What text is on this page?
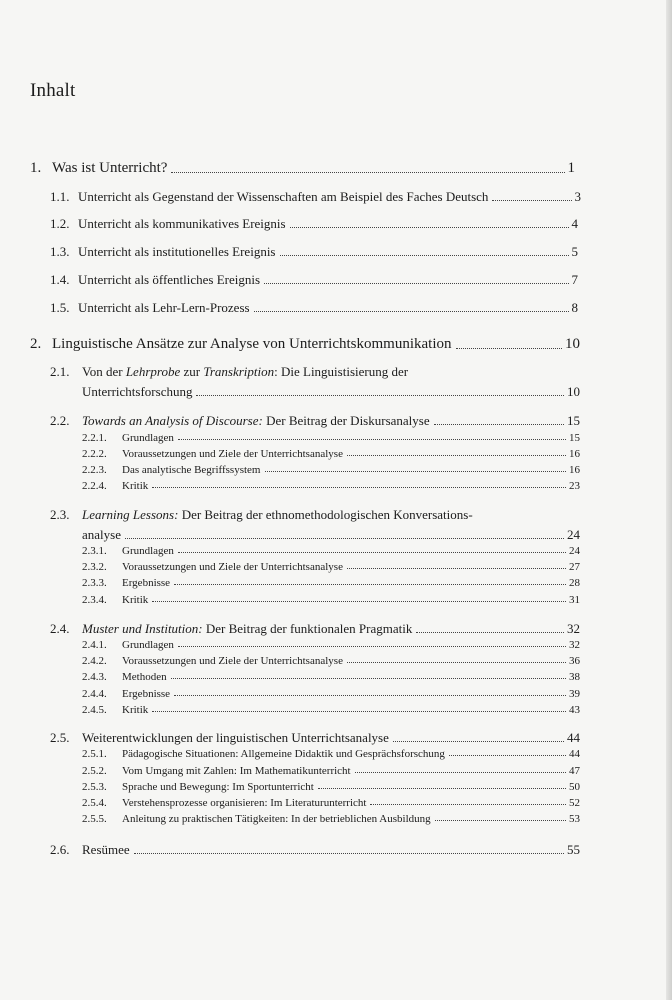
Inhalt
1. Was ist Unterricht?	1
1.1. Unterricht als Gegenstand der Wissenschaften am Beispiel des Faches Deutsch	3
1.2. Unterricht als kommunikatives Ereignis	4
1.3. Unterricht als institutionelles Ereignis	5
1.4. Unterricht als öffentliches Ereignis	7
1.5. Unterricht als Lehr-Lern-Prozess	8
2. Linguistische Ansätze zur Analyse von Unterrichtskommunikation	10
2.1. Von der Lehrprobe zur Transkription: Die Linguistisierung der
Unterrichtsforschung	10
2.2. Towards an Analysis of Discourse: Der Beitrag der Diskursanalyse	15
2.2.1.	Grundlagen	15
2.2.2.	Voraussetzungen und Ziele der Unterrichtsanalyse	16
2.2.3.	Das analytische Begriffssystem	16
2.2.4.	Kritik	23
2.3. Learning Lessons: Der Beitrag der ethnomethodologischen Konversations-
analyse	24
2.3.1.	Grundlagen	24
2.3.2.	Voraussetzungen und Ziele der Unterrichtsanalyse	27
2.3.3.	Ergebnisse	28
2.3.4.	Kritik	31
2.4. Muster und Institution: Der Beitrag der funktionalen Pragmatik	32
2.4.1.	Grundlagen	32
2.4.2.	Voraussetzungen und Ziele der Unterrichtsanalyse	36
2.4.3.	Methoden	38
2.4.4.	Ergebnisse	39
2.4.5.	Kritik	43
2.5. Weiterentwicklungen der linguistischen Unterrichtsanalyse	44
2.5.1.	Pädagogische Situationen: Allgemeine Didaktik und Gesprächsforschung	44
2.5.2.	Vom Umgang mit Zahlen: Im Mathematikunterricht	47
2.5.3.	Sprache und Bewegung: Im Sportunterricht	50
2.5.4.	Verstehensprozesse organisieren: Im Literaturunterricht	52
2.5.5.	Anleitung zu praktischen Tätigkeiten: In der betrieblichen Ausbildung	53
2.6. Resümee	55
